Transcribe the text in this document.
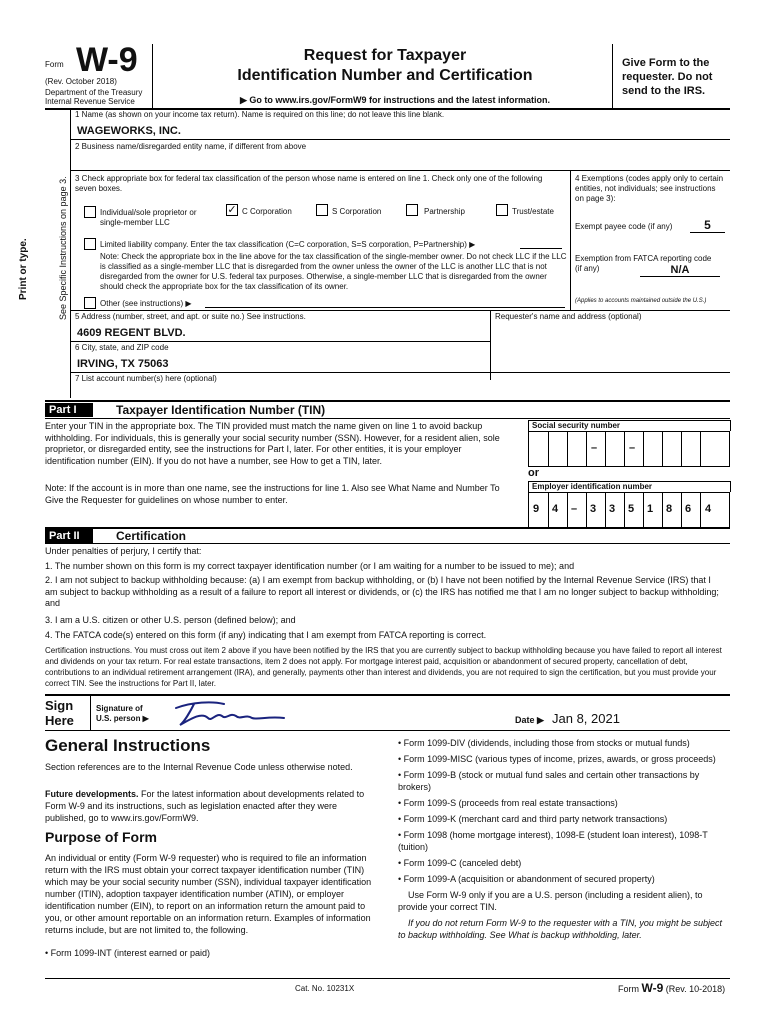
Form W-9
(Rev. October 2018)
Department of the Treasury
Internal Revenue Service
Request for Taxpayer
Identification Number and Certification
▶ Go to www.irs.gov/FormW9 for instructions and the latest information.
Give Form to the requester. Do not send to the IRS.
Print or type.	See Specific Instructions on page 3.
1 Name (as shown on your income tax return). Name is required on this line; do not leave this line blank.
WAGEWORKS, INC.
2 Business name/disregarded entity name, if different from above
3 Check appropriate box for federal tax classification of the person whose name is entered on line 1. Check only one of the following seven boxes.
Individual/sole proprietor or single-member LLC
✓ C Corporation	S Corporation	Partnership	Trust/estate
Limited liability company. Enter the tax classification (C=C corporation, S=S corporation, P=Partnership) ▶
Note: Check the appropriate box in the line above for the tax classification of the single-member owner. Do not check LLC if the LLC is classified as a single-member LLC that is disregarded from the owner unless the owner of the LLC is another LLC that is not disregarded from the owner for U.S. federal tax purposes. Otherwise, a single-member LLC that is disregarded from the owner should check the appropriate box for the tax classification of its owner.
Other (see instructions) ▶
4 Exemptions (codes apply only to certain entities, not individuals; see instructions on page 3):
Exempt payee code (if any)	5
Exemption from FATCA reporting code (if any)	N/A
(Applies to accounts maintained outside the U.S.)
5 Address (number, street, and apt. or suite no.) See instructions.
4609 REGENT BLVD.
Requester's name and address (optional)
6 City, state, and ZIP code
IRVING, TX 75063
7 List account number(s) here (optional)
Part I	Taxpayer Identification Number (TIN)
Enter your TIN in the appropriate box. The TIN provided must match the name given on line 1 to avoid backup withholding. For individuals, this is generally your social security number (SSN). However, for a resident alien, sole proprietor, or disregarded entity, see the instructions for Part I, later. For other entities, it is your employer identification number (EIN). If you do not have a number, see How to get a TIN, later.
Note: If the account is in more than one name, see the instructions for line 1. Also see What Name and Number To Give the Requester for guidelines on whose number to enter.
Social security number
–	–
or
Employer identification number
9 4 – 3 3 5 1 8 6 4
Part II	Certification
Under penalties of perjury, I certify that:
1. The number shown on this form is my correct taxpayer identification number (or I am waiting for a number to be issued to me); and
2. I am not subject to backup withholding because: (a) I am exempt from backup withholding, or (b) I have not been notified by the Internal Revenue Service (IRS) that I am subject to backup withholding as a result of a failure to report all interest or dividends, or (c) the IRS has notified me that I am no longer subject to backup withholding; and
3. I am a U.S. citizen or other U.S. person (defined below); and
4. The FATCA code(s) entered on this form (if any) indicating that I am exempt from FATCA reporting is correct.
Certification instructions. You must cross out item 2 above if you have been notified by the IRS that you are currently subject to backup withholding because you have failed to report all interest and dividends on your tax return. For real estate transactions, item 2 does not apply. For mortgage interest paid, acquisition or abandonment of secured property, cancellation of debt, contributions to an individual retirement arrangement (IRA), and generally, payments other than interest and dividends, you are not required to sign the certification, but you must provide your correct TIN. See the instructions for Part II, later.
Sign Here
Signature of U.S. person ▶	Date ▶ Jan 8, 2021
General Instructions
Section references are to the Internal Revenue Code unless otherwise noted.
Future developments. For the latest information about developments related to Form W-9 and its instructions, such as legislation enacted after they were published, go to www.irs.gov/FormW9.
Purpose of Form
An individual or entity (Form W-9 requester) who is required to file an information return with the IRS must obtain your correct taxpayer identification number (TIN) which may be your social security number (SSN), individual taxpayer identification number (ITIN), adoption taxpayer identification number (ATIN), or employer identification number (EIN), to report on an information return the amount paid to you, or other amount reportable on an information return. Examples of information returns include, but are not limited to, the following.
• Form 1099-INT (interest earned or paid)
• Form 1099-DIV (dividends, including those from stocks or mutual funds)
• Form 1099-MISC (various types of income, prizes, awards, or gross proceeds)
• Form 1099-B (stock or mutual fund sales and certain other transactions by brokers)
• Form 1099-S (proceeds from real estate transactions)
• Form 1099-K (merchant card and third party network transactions)
• Form 1098 (home mortgage interest), 1098-E (student loan interest), 1098-T (tuition)
• Form 1099-C (canceled debt)
• Form 1099-A (acquisition or abandonment of secured property)
Use Form W-9 only if you are a U.S. person (including a resident alien), to provide your correct TIN.
If you do not return Form W-9 to the requester with a TIN, you might be subject to backup withholding. See What is backup withholding, later.
Cat. No. 10231X	Form W-9 (Rev. 10-2018)
